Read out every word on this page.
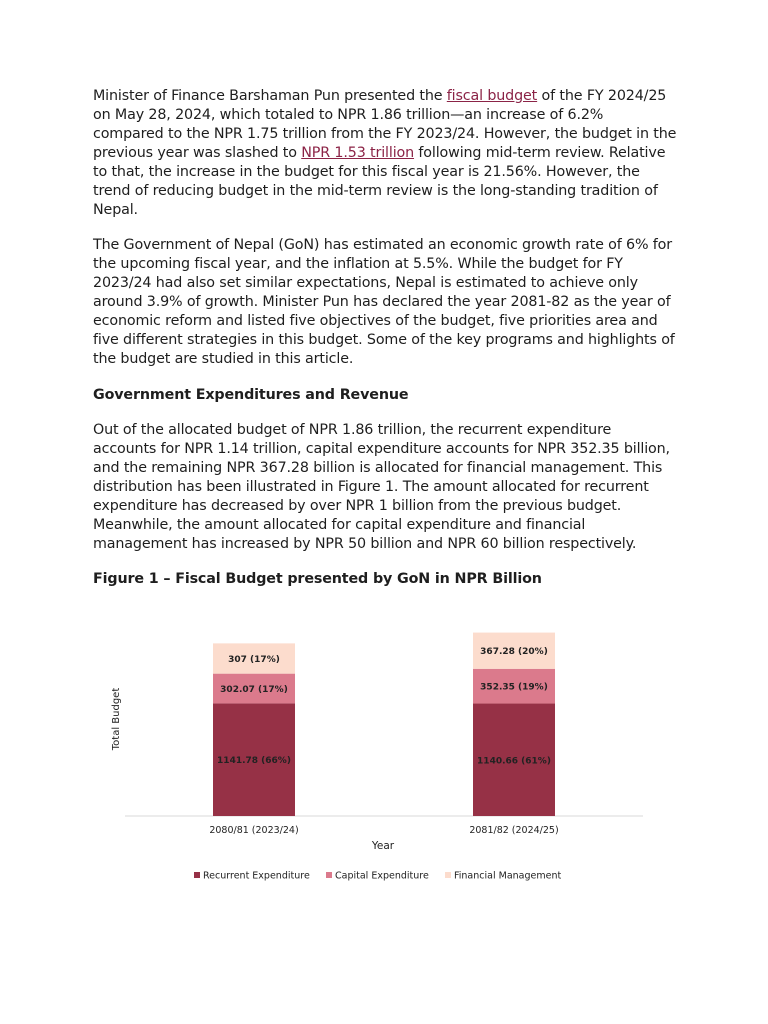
Minister of Finance Barshaman Pun presented the fiscal budget of the FY 2024/25 on May 28, 2024, which totaled to NPR 1.86 trillion—an increase of 6.2% compared to the NPR 1.75 trillion from the FY 2023/24. However, the budget in the previous year was slashed to NPR 1.53 trillion following mid-term review. Relative to that, the increase in the budget for this fiscal year is 21.56%. However, the trend of reducing budget in the mid-term review is the long-standing tradition of Nepal.

The Government of Nepal (GoN) has estimated an economic growth rate of 6% for the upcoming fiscal year, and the inflation at 5.5%. While the budget for FY 2023/24 had also set similar expectations, Nepal is estimated to achieve only around 3.9% of growth. Minister Pun has declared the year 2081-82 as the year of economic reform and listed five objectives of the budget, five priorities area and five different strategies in this budget. Some of the key programs and highlights of the budget are studied in this article.

Government Expenditures and Revenue

Out of the allocated budget of NPR 1.86 trillion, the recurrent expenditure accounts for NPR 1.14 trillion, capital expenditure accounts for NPR 352.35 billion, and the remaining NPR 367.28 billion is allocated for financial management. This distribution has been illustrated in Figure 1. The amount allocated for recurrent expenditure has decreased by over NPR 1 billion from the previous budget. Meanwhile, the amount allocated for capital expenditure and financial management has increased by NPR 50 billion and NPR 60 billion respectively.

Figure 1 – Fiscal Budget presented by GoN in NPR Billion
1141.78 (66%)
302.07 (17%)
307 (17%)
2080/81 (2023/24)
1140.66 (61%)
352.35 (19%)
367.28 (20%)
2081/82 (2024/25)
Year
Total Budget
Recurrent Expenditure	Capital Expenditure	Financial Management
